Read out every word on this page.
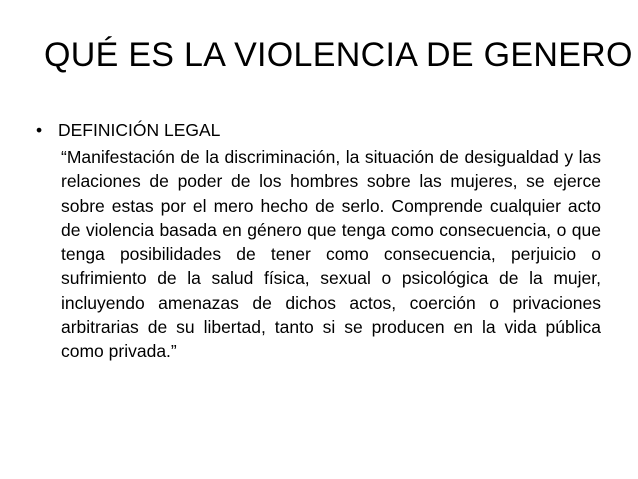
QUÉ ES LA VIOLENCIA DE GENERO
• DEFINICIÓN LEGAL

“Manifestación de la discriminación, la situación de desigualdad y las relaciones de poder de los hombres sobre las mujeres, se ejerce sobre estas por el mero hecho de serlo. Comprende cualquier acto de violencia basada en género que tenga como consecuencia, o que tenga posibilidades de tener como consecuencia, perjuicio o sufrimiento de la salud física, sexual o psicológica de la mujer, incluyendo amenazas de dichos actos, coerción o privaciones arbitrarias de su libertad, tanto si se producen en la vida pública como privada.”
